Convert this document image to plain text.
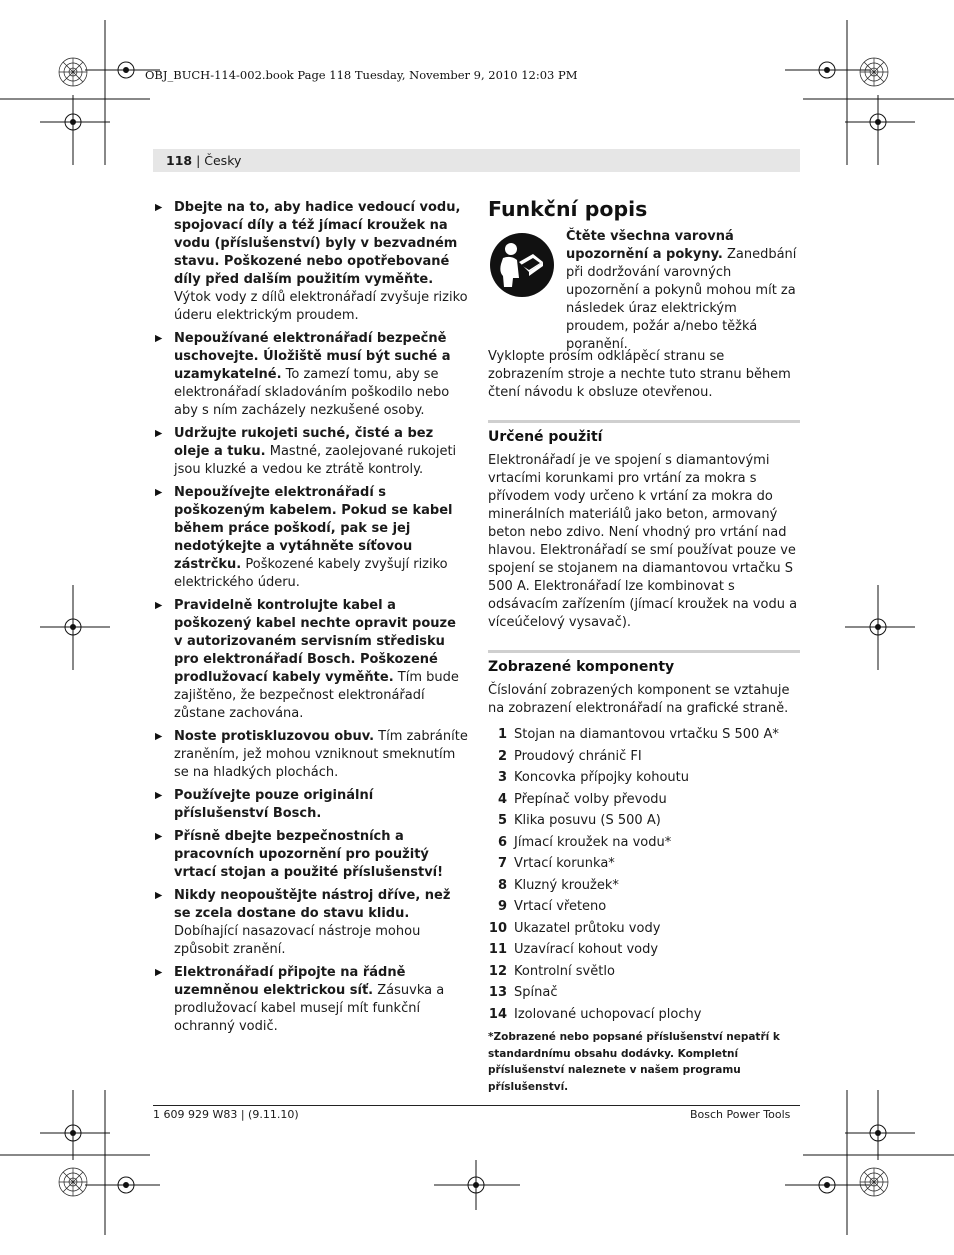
OBJ_BUCH-114-002.book Page 118 Tuesday, November 9, 2010 12:03 PM
118 | Česky
▶ Dbejte na to, aby hadice vedoucí vodu, spojovací díly a též jímací kroužek na vodu (příslušenství) byly v bezvadném stavu. Poškozené nebo opotřebované díly před dalším použitím vyměňte. Výtok vody z dílů elektronářadí zvyšuje riziko úderu elektrickým proudem.
▶ Nepoužívané elektronářadí bezpečně uschovejte. Úložiště musí být suché a uzamykatelné. To zamezí tomu, aby se elektronářadí skladováním poškodilo nebo aby s ním zacházely nezkušené osoby.
▶ Udržujte rukojeti suché, čisté a bez oleje a tuku. Mastné, zaolejované rukojeti jsou kluzké a vedou ke ztrátě kontroly.
▶ Nepoužívejte elektronářadí s poškozeným kabelem. Pokud se kabel během práce poškodí, pak se jej nedotýkejte a vytáhněte síťovou zástrčku. Poškozené kabely zvyšují riziko elektrického úderu.
▶ Pravidelně kontrolujte kabel a poškozený kabel nechte opravit pouze v autorizovaném servisním středisku pro elektronářadí Bosch. Poškozené prodlužovací kabely vyměňte. Tím bude zajištěno, že bezpečnost elektronářadí zůstane zachována.
▶ Noste protiskluzovou obuv. Tím zabráníte zraněním, jež mohou vzniknout smeknutím se na hladkých plochách.
▶ Používejte pouze originální příslušenství Bosch.
▶ Přísně dbejte bezpečnostních a pracovních upozornění pro použitý vrtací stojan a použité příslušenství!
▶ Nikdy neopouštějte nástroj dříve, než se zcela dostane do stavu klidu. Dobíhající nasazovací nástroje mohou způsobit zranění.
▶ Elektronářadí připojte na řádně uzemněnou elektrickou síť. Zásuvka a prodlužovací kabel musejí mít funkční ochranný vodič.
Funkční popis
Čtěte všechna varovná upozornění a pokyny. Zanedbání při dodržování varovných upozornění a pokynů mohou mít za následek úraz elektrickým proudem, požár a/nebo těžká poranění.
Vyklopte prosím odklápěcí stranu se zobrazením stroje a nechte tuto stranu během čtení návodu k obsluze otevřenou.
Určené použití
Elektronářadí je ve spojení s diamantovými vrtacími korunkami pro vrtání za mokra s přívodem vody určeno k vrtání za mokra do minerálních materiálů jako beton, armovaný beton nebo zdivo. Není vhodný pro vrtání nad hlavou. Elektronářadí se smí používat pouze ve spojení se stojanem na diamantovou vrtačku S 500 A. Elektronářadí lze kombinovat s odsávacím zařízením (jímací kroužek na vodu a víceúčelový vysavač).
Zobrazené komponenty
Číslování zobrazených komponent se vztahuje na zobrazení elektronářadí na grafické straně.
1 Stojan na diamantovou vrtačku S 500 A*
2 Proudový chránič FI
3 Koncovka přípojky kohoutu
4 Přepínač volby převodu
5 Klika posuvu (S 500 A)
6 Jímací kroužek na vodu*
7 Vrtací korunka*
8 Kluzný kroužek*
9 Vrtací vřeteno
10 Ukazatel průtoku vody
11 Uzavírací kohout vody
12 Kontrolní světlo
13 Spínač
14 Izolované uchopovací plochy
*Zobrazené nebo popsané příslušenství nepatří k standardnímu obsahu dodávky. Kompletní příslušenství naleznete v našem programu příslušenství.
1 609 929 W83 | (9.11.10)	Bosch Power Tools
